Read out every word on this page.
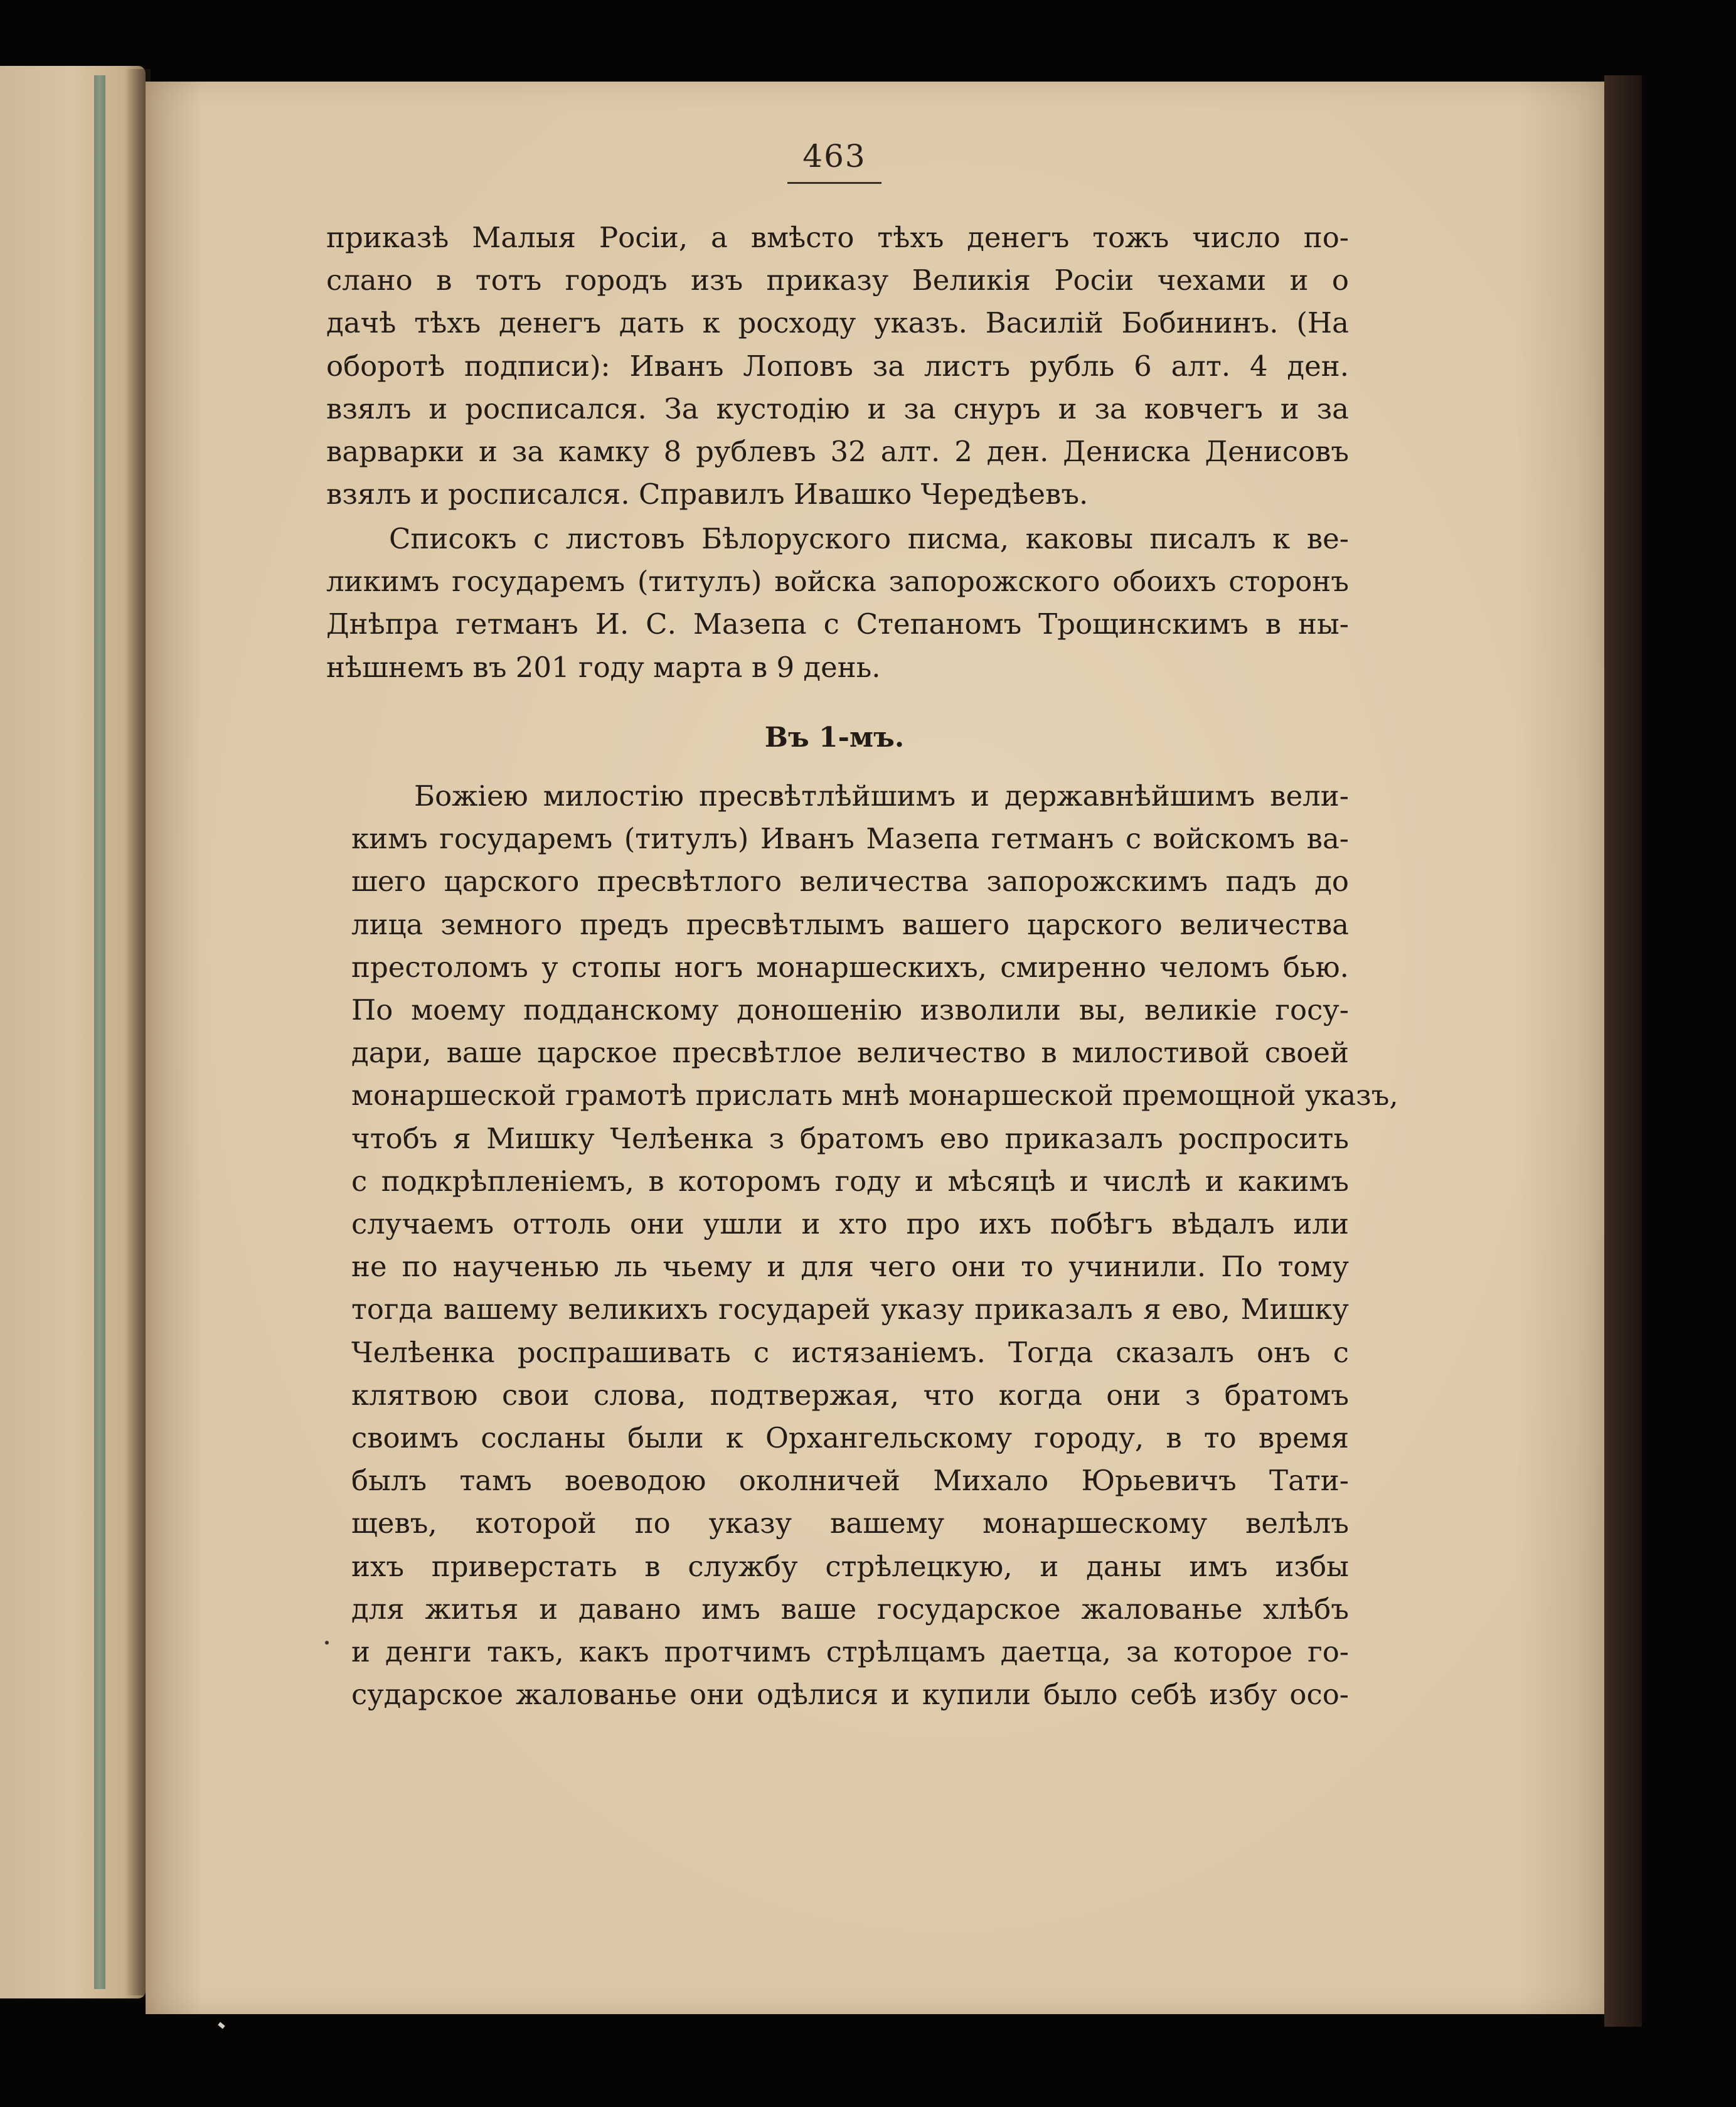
463
приказѣ Малыя Росіи, а вмѣсто тѣхъ денегъ тожъ число по-
слано в тотъ городъ изъ приказу Великія Росіи чехами и о
дачѣ тѣхъ денегъ дать к росходу указъ. Василій Бобининъ. (На
оборотѣ подписи): Иванъ Лоповъ за листъ рубль 6 алт. 4 ден.
взялъ и росписался. За кустодію и за снуръ и за ковчегъ и за
варварки и за камку 8 рублевъ 32 алт. 2 ден. Дениска Денисовъ
взялъ и росписался. Справилъ Ивашко Чередѣевъ.
Списокъ с листовъ Бѣлоруского писма, каковы писалъ к ве-
ликимъ государемъ (титулъ) войска запорожского обоихъ сторонъ
Днѣпра гетманъ И. С. Мазепа с Степаномъ Трощинскимъ в ны-
нѣшнемъ въ 201 году марта в 9 день.
Въ 1-мъ.
Божіею милостію пресвѣтлѣйшимъ и державнѣйшимъ вели-
кимъ государемъ (титулъ) Иванъ Мазепа гетманъ с войскомъ ва-
шего царского пресвѣтлого величества запорожскимъ падъ до
лица земного предъ пресвѣтлымъ вашего царского величества
престоломъ у стопы ногъ монаршескихъ, смиренно челомъ бью.
По моему подданскому доношенію изволили вы, великіе госу-
дари, ваше царское пресвѣтлое величество в милостивой своей
монаршеской грамотѣ прислать мнѣ монаршеской премощной указъ,
чтобъ я Мишку Челѣенка з братомъ ево приказалъ роспросить
с подкрѣпленіемъ, в которомъ году и мѣсяцѣ и числѣ и какимъ
случаемъ оттоль они ушли и хто про ихъ побѣгъ вѣдалъ или
не по наученью ль чьему и для чего они то учинили. По тому
тогда вашему великихъ государей указу приказалъ я ево, Мишку
Челѣенка роспрашивать с истязаніемъ. Тогда сказалъ онъ с
клятвою свои слова, подтвержая, что когда они з братомъ
своимъ сосланы были к Орхангельскому городу, в то время
былъ тамъ воеводою околничей Михало Юрьевичъ Тати-
щевъ, которой по указу вашему монаршескому велѣлъ
ихъ приверстать в службу стрѣлецкую, и даны имъ избы
для житья и давано имъ ваше государское жалованье хлѣбъ
и денги такъ, какъ протчимъ стрѣлцамъ даетца, за которое го-
сударское жалованье они одѣлися и купили было себѣ избу осо-
